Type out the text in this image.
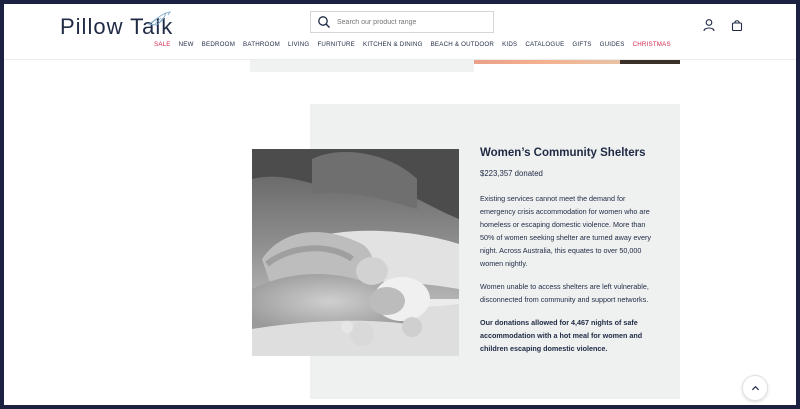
Pillow Talk
Search our product range
SALE NEW BEDROOM BATHROOM LIVING FURNITURE KITCHEN & DINING BEACH & OUTDOOR KIDS CATALOGUE GIFTS GUIDES CHRISTMAS
Women’s Community Shelters

$223,357 donated

Existing services cannot meet the demand for emergency crisis accommodation for women who are homeless or escaping domestic violence. More than 50% of women seeking shelter are turned away every night. Across Australia, this equates to over 50,000 women nightly.

Women unable to access shelters are left vulnerable, disconnected from community and support networks.

Our donations allowed for 4,467 nights of safe accommodation with a hot meal for women and children escaping domestic violence.
